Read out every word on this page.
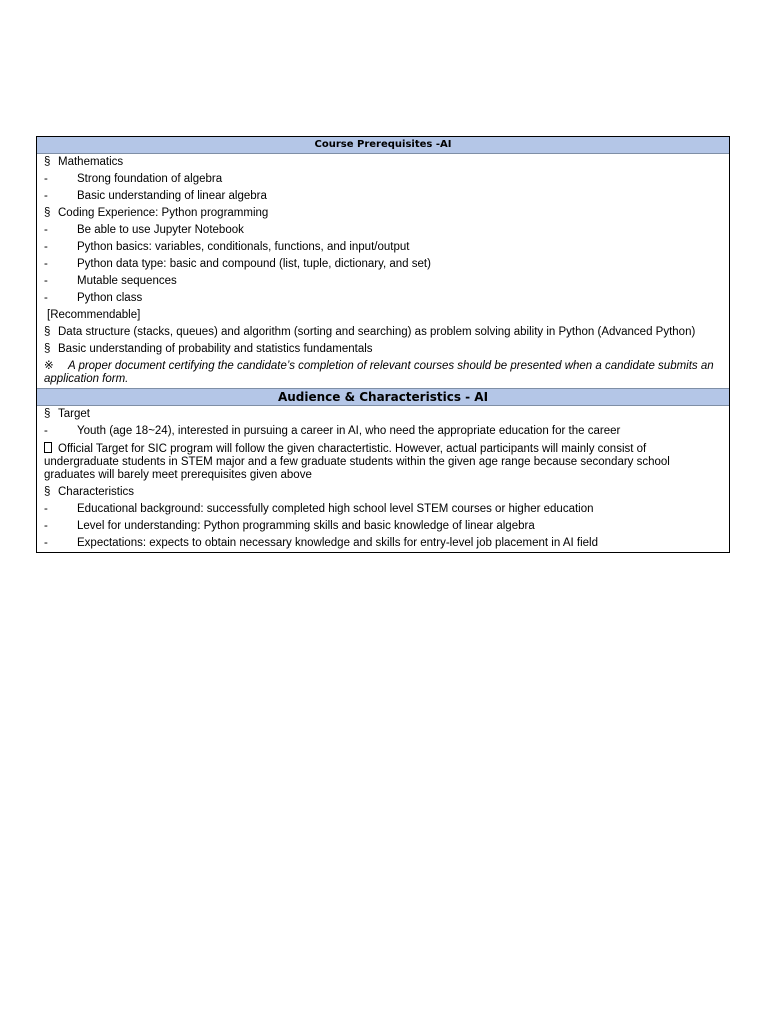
Course Prerequisites -AI
§ Mathematics
-	Strong foundation of algebra
-	Basic understanding of linear algebra
§ Coding Experience: Python programming
-	Be able to use Jupyter Notebook
-	Python basics: variables, conditionals, functions, and input/output
-	Python data type: basic and compound (list, tuple, dictionary, and set)
-	Mutable sequences
-	Python class
[Recommendable]
§ Data structure (stacks, queues) and algorithm (sorting and searching) as problem solving ability in Python (Advanced Python)
§ Basic understanding of probability and statistics fundamentals
※ A proper document certifying the candidate’s completion of relevant courses should be presented when a candidate submits an application form.
Audience & Characteristics - AI
§ Target
-	Youth (age 18~24), interested in pursuing a career in AI, who need the appropriate education for the career
Official Target for SIC program will follow the given charactertistic. However, actual participants will mainly consist of undergraduate students in STEM major and a few graduate students within the given age range because secondary school graduates will barely meet prerequisites given above
§ Characteristics
-	Educational background: successfully completed high school level STEM courses or higher education
-	Level for understanding: Python programming skills and basic knowledge of linear algebra
-	Expectations: expects to obtain necessary knowledge and skills for entry-level job placement in AI field
